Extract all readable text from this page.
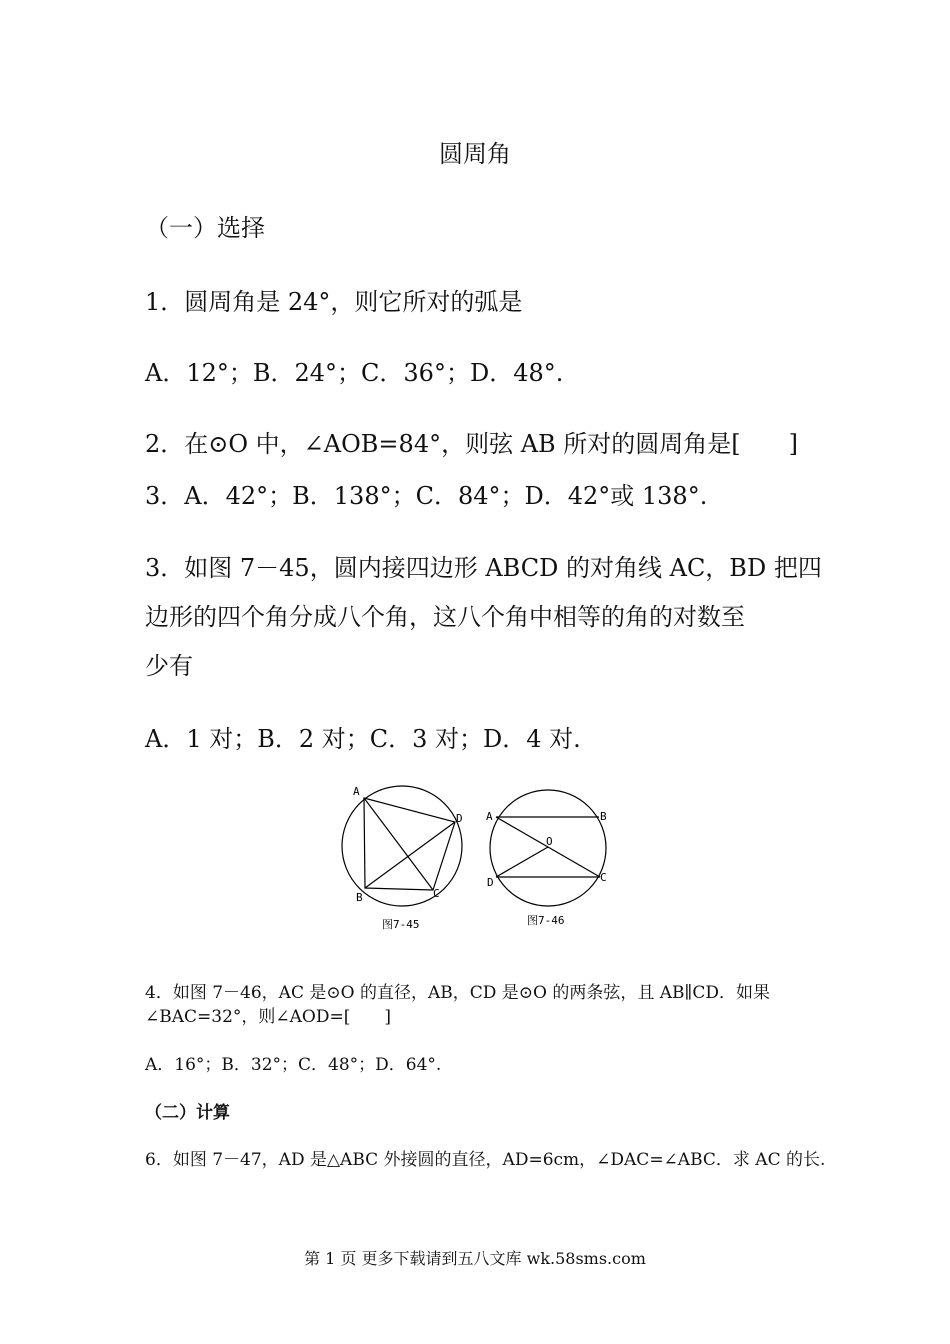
圆周角
（一）选择
1．圆周角是 24°，则它所对的弧是
A．12°；B．24°；C．36°；D．48°.
2．在⊙O 中，∠AOB=84°，则弦 AB 所对的圆周角是[　　]
3．A．42°；B．138°；C．84°；D．42°或 138°.
3．如图 7－45，圆内接四边形 ABCD 的对角线 AC，BD 把四
边形的四个角分成八个角，这八个角中相等的角的对数至
少有
A．1 对；B．2 对；C．3 对；D．4 对.
A
D
B	C
图7-45
A	B
O
D	C
图7-46
4．如图 7－46，AC 是⊙O 的直径，AB，CD 是⊙O 的两条弦，且 AB∥CD．如果
∠BAC=32°，则∠AOD=[　　]
A．16°；B．32°；C．48°；D．64°.
（二）计算
6．如图 7－47，AD 是△ABC 外接圆的直径，AD=6cm，∠DAC=∠ABC．求 AC 的长.
第 1 页 更多下载请到五八文库 wk.58sms.com
